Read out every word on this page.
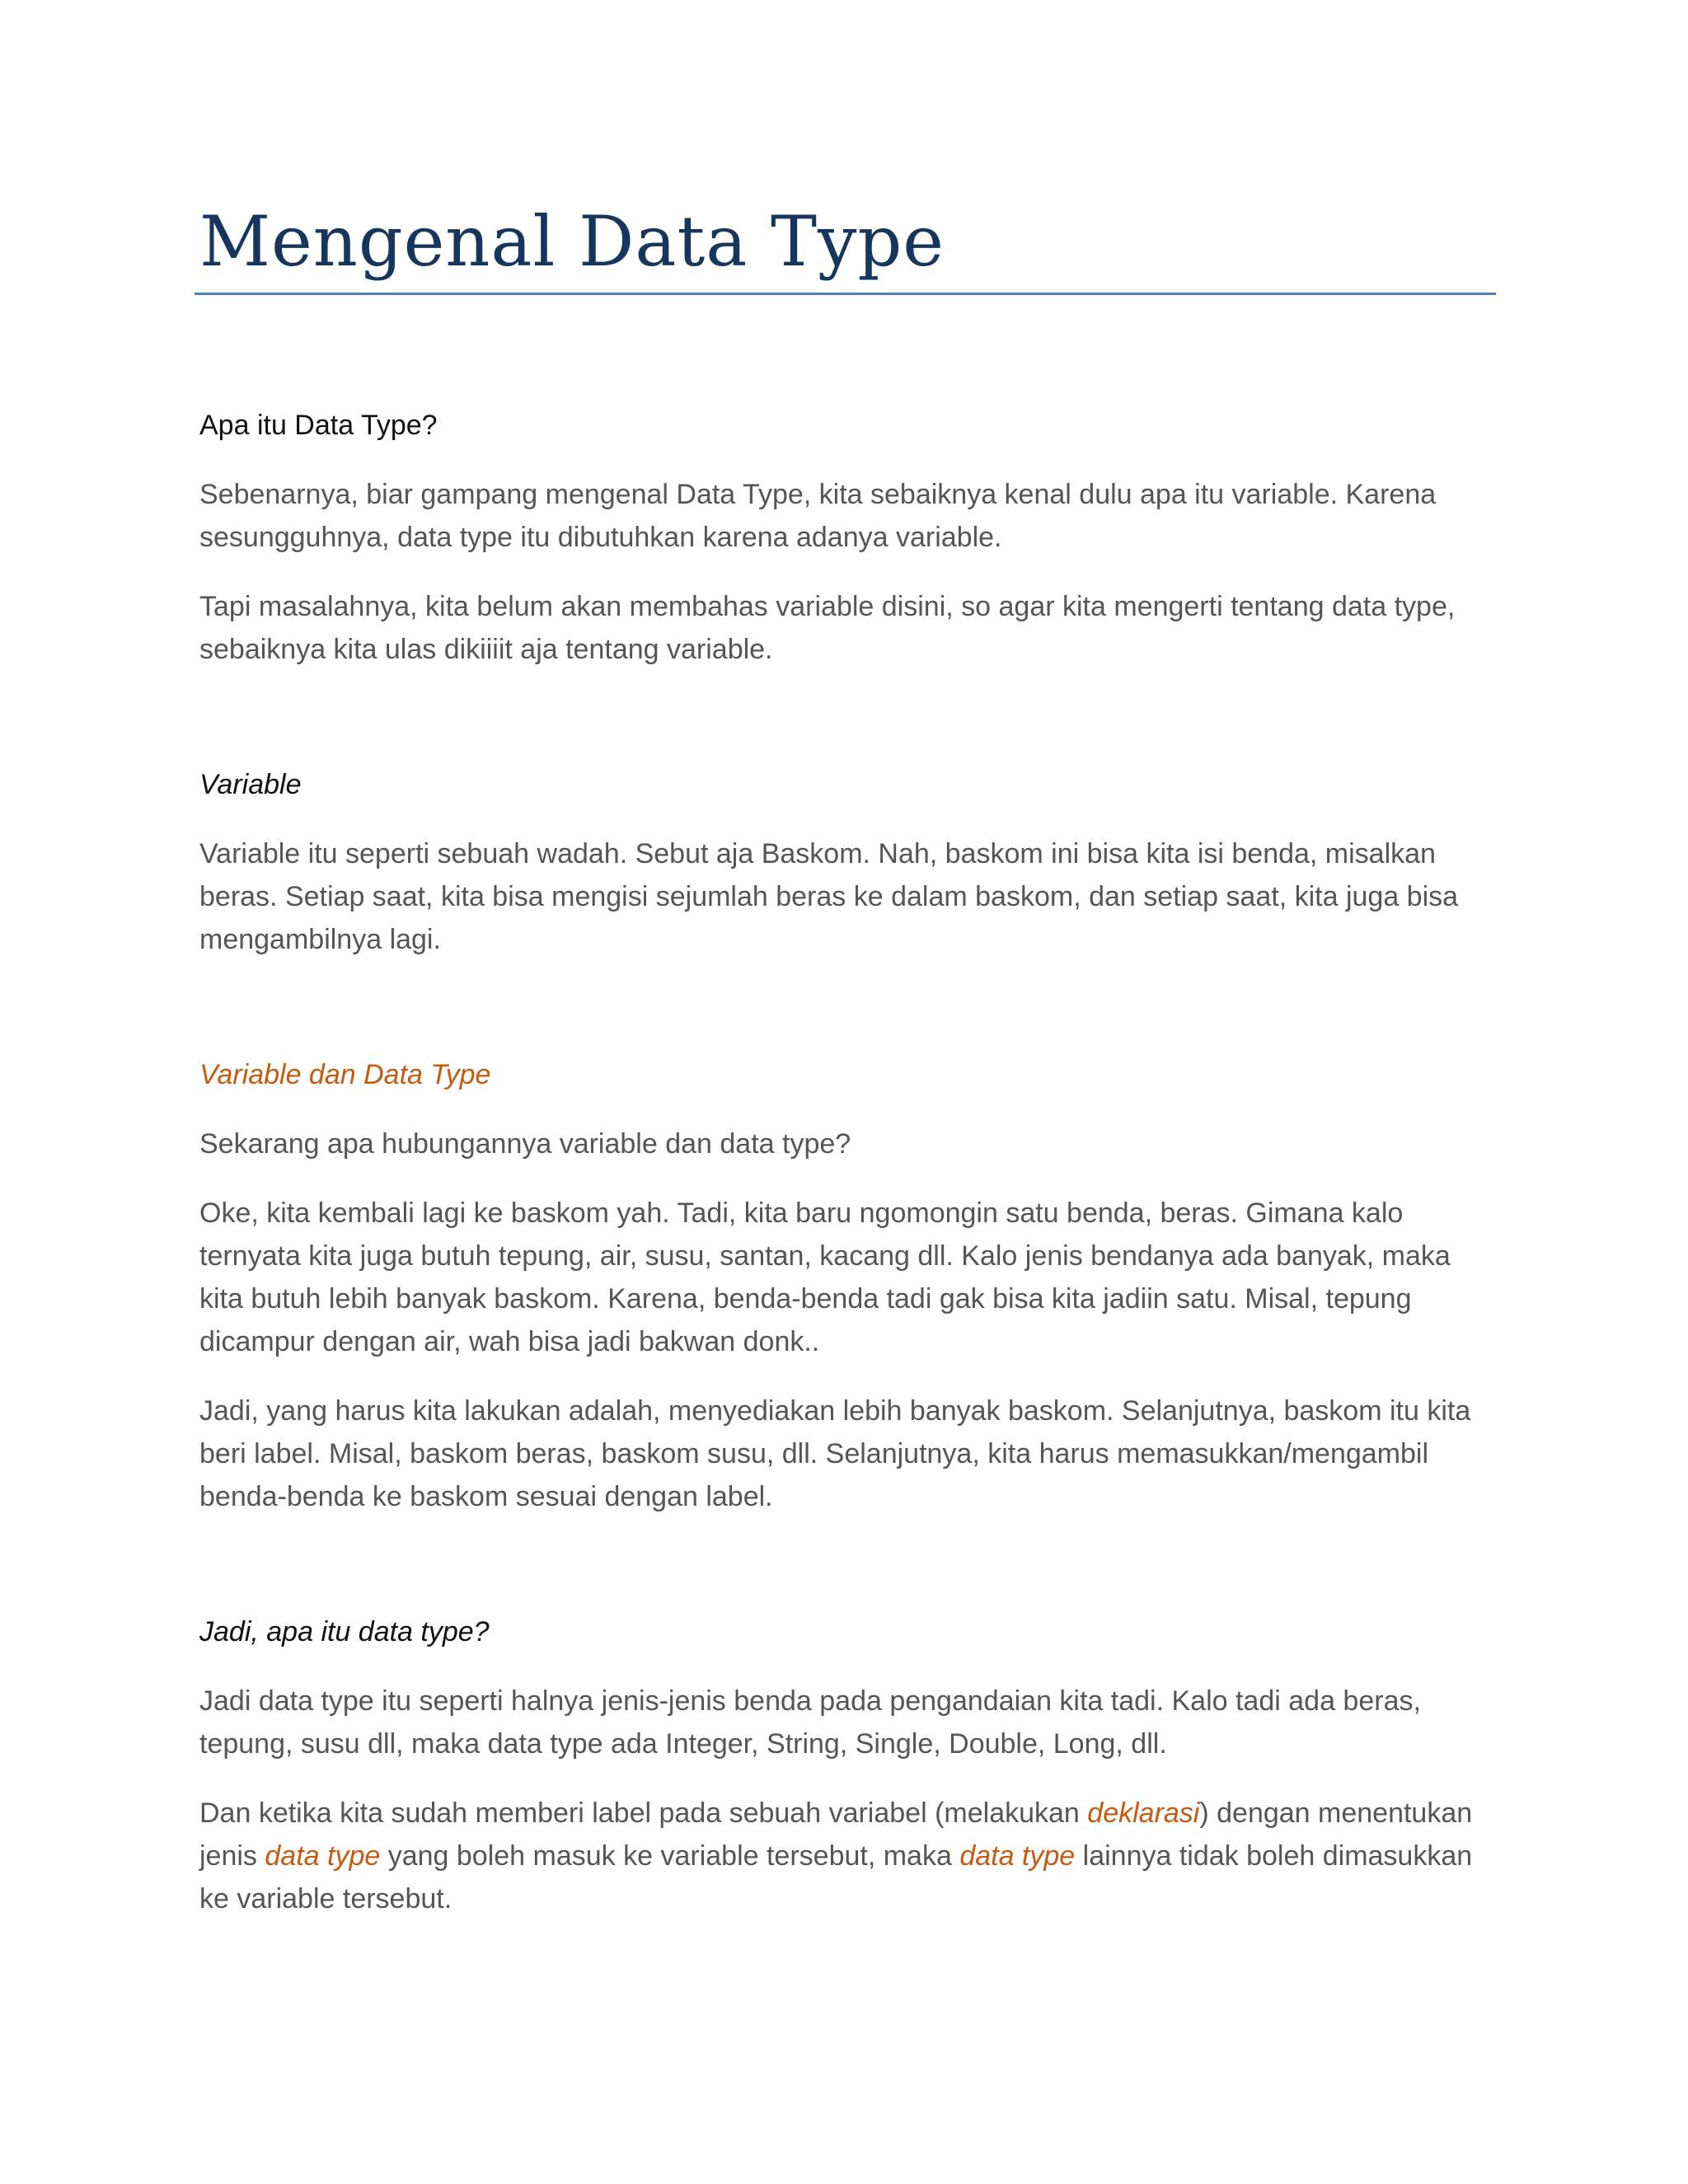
Mengenal Data Type

Apa itu Data Type?

Sebenarnya, biar gampang mengenal Data Type, kita sebaiknya kenal dulu apa itu variable. Karena sesungguhnya, data type itu dibutuhkan karena adanya variable.

Tapi masalahnya, kita belum akan membahas variable disini, so agar kita mengerti tentang data type, sebaiknya kita ulas dikiiiit aja tentang variable.

Variable

Variable itu seperti sebuah wadah. Sebut aja Baskom. Nah, baskom ini bisa kita isi benda, misalkan beras. Setiap saat, kita bisa mengisi sejumlah beras ke dalam baskom, dan setiap saat, kita juga bisa mengambilnya lagi.

Variable dan Data Type

Sekarang apa hubungannya variable dan data type?

Oke, kita kembali lagi ke baskom yah. Tadi, kita baru ngomongin satu benda, beras. Gimana kalo ternyata kita juga butuh tepung, air, susu, santan, kacang dll. Kalo jenis bendanya ada banyak, maka kita butuh lebih banyak baskom. Karena, benda-benda tadi gak bisa kita jadiin satu. Misal, tepung dicampur dengan air, wah bisa jadi bakwan donk..

Jadi, yang harus kita lakukan adalah, menyediakan lebih banyak baskom. Selanjutnya, baskom itu kita beri label. Misal, baskom beras, baskom susu, dll. Selanjutnya, kita harus memasukkan/mengambil benda-benda ke baskom sesuai dengan label.

Jadi, apa itu data type?

Jadi data type itu seperti halnya jenis-jenis benda pada pengandaian kita tadi. Kalo tadi ada beras, tepung, susu dll, maka data type ada Integer, String, Single, Double, Long, dll.

Dan ketika kita sudah memberi label pada sebuah variabel (melakukan deklarasi) dengan menentukan jenis data type yang boleh masuk ke variable tersebut, maka data type lainnya tidak boleh dimasukkan ke variable tersebut.
